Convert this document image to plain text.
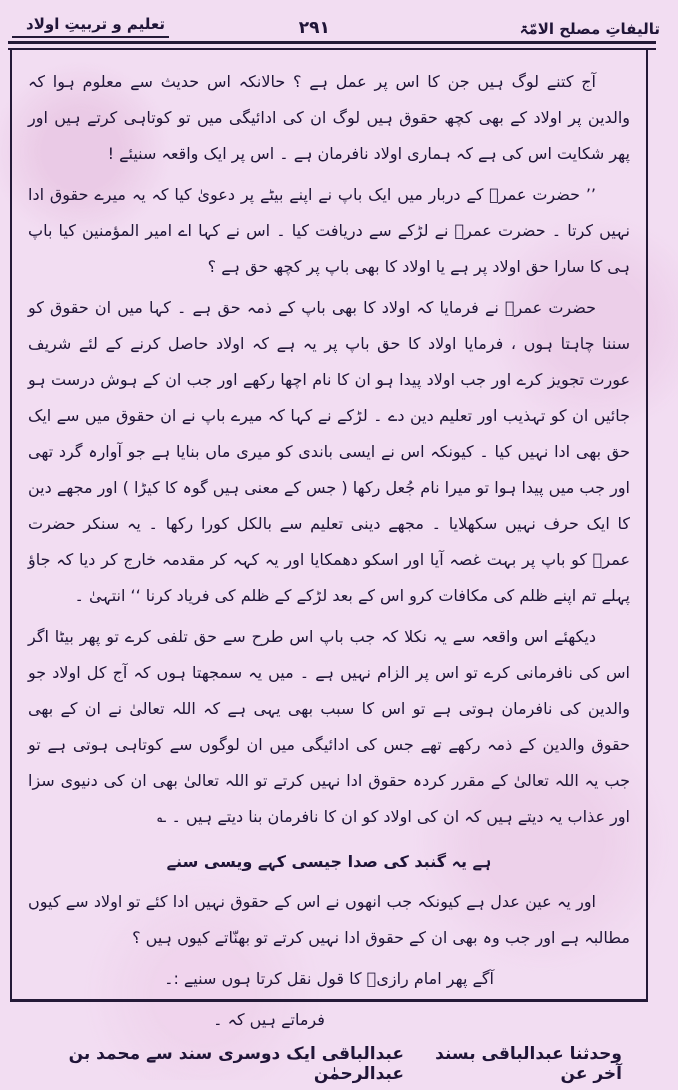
تعلیم و تربیتِ اولاد	۲۹۱	تالیفاتِ مصلح الامّۃ

آج کتنے لوگ ہیں جن کا اس پر عمل ہے ؟ حالانکہ اس حدیث سے معلوم ہوا کہ والدین پر اولاد کے بھی کچھ حقوق ہیں لوگ ان کی ادائیگی میں تو کوتاہی کرتے ہیں اور پھر شکایت اس کی ہے کہ ہماری اولاد نافرمان ہے ۔ اس پر ایک واقعہ سنیئے !

’’ حضرت عمرؓ کے دربار میں ایک باپ نے اپنے بیٹے پر دعویٰ کیا کہ یہ میرے حقوق ادا نہیں کرتا ۔ حضرت عمرؓ نے لڑکے سے دریافت کیا ۔ اس نے کہا اے امیر المؤمنین کیا باپ ہی کا سارا حق اولاد پر ہے یا اولاد کا بھی باپ پر کچھ حق ہے ؟

حضرت عمرؓ نے فرمایا کہ اولاد کا بھی باپ کے ذمہ حق ہے ۔ کہا میں ان حقوق کو سننا چاہتا ہوں ، فرمایا اولاد کا حق باپ پر یہ ہے کہ اولاد حاصل کرنے کے لئے شریف عورت تجویز کرے اور جب اولاد پیدا ہو ان کا نام اچھا رکھے اور جب ان کے ہوش درست ہو جائیں ان کو تہذیب اور تعلیم دین دے ۔ لڑکے نے کہا کہ میرے باپ نے ان حقوق میں سے ایک حق بھی ادا نہیں کیا ۔ کیونکہ اس نے ایسی باندی کو میری ماں بنایا ہے جو آوارہ گرد تھی اور جب میں پیدا ہوا تو میرا نام جُعل رکھا ( جس کے معنی ہیں گوہ کا کیڑا ) اور مجھے دین کا ایک حرف نہیں سکھلایا ۔ مجھے دینی تعلیم سے بالکل کورا رکھا ۔ یہ سنکر حضرت عمرؓ کو باپ پر بہت غصہ آیا اور اسکو دھمکایا اور یہ کہہ کر مقدمہ خارج کر دیا کہ جاؤ پہلے تم اپنے ظلم کی مکافات کرو اس کے بعد لڑکے کے ظلم کی فریاد کرنا ‘‘ انتہیٰ ۔

دیکھئے اس واقعہ سے یہ نکلا کہ جب باپ اس طرح سے حق تلفی کرے تو پھر بیٹا اگر اس کی نافرمانی کرے تو اس پر الزام نہیں ہے ۔ میں یہ سمجھتا ہوں کہ آج کل اولاد جو والدین کی نافرمان ہوتی ہے تو اس کا سبب بھی یہی ہے کہ اللہ تعالیٰ نے ان کے بھی حقوق والدین کے ذمہ رکھے تھے جس کی ادائیگی میں ان لوگوں سے کوتاہی ہوتی ہے تو جب یہ اللہ تعالیٰ کے مقرر کردہ حقوق ادا نہیں کرتے تو اللہ تعالیٰ بھی ان کی دنیوی سزا اور عذاب یہ دیتے ہیں کہ ان کی اولاد کو ان کا نافرمان بنا دیتے ہیں ۔ ؎

ہے یہ گنبد کی صدا جیسی کہے ویسی سنے

اور یہ عین عدل ہے کیونکہ جب انھوں نے اس کے حقوق نہیں ادا کئے تو اولاد سے کیوں مطالبہ ہے اور جب وہ بھی ان کے حقوق ادا نہیں کرتے تو بھنّاتے کیوں ہیں ؟

آگے پھر امام رازیؒ کا قول نقل کرتا ہوں سنیے :۔

فرماتے ہیں کہ ۔

وحدثنا عبدالباقی بسند آخر عن
عبدالباقی ایک دوسری سند سے محمد بن عبدالرحمٰن
